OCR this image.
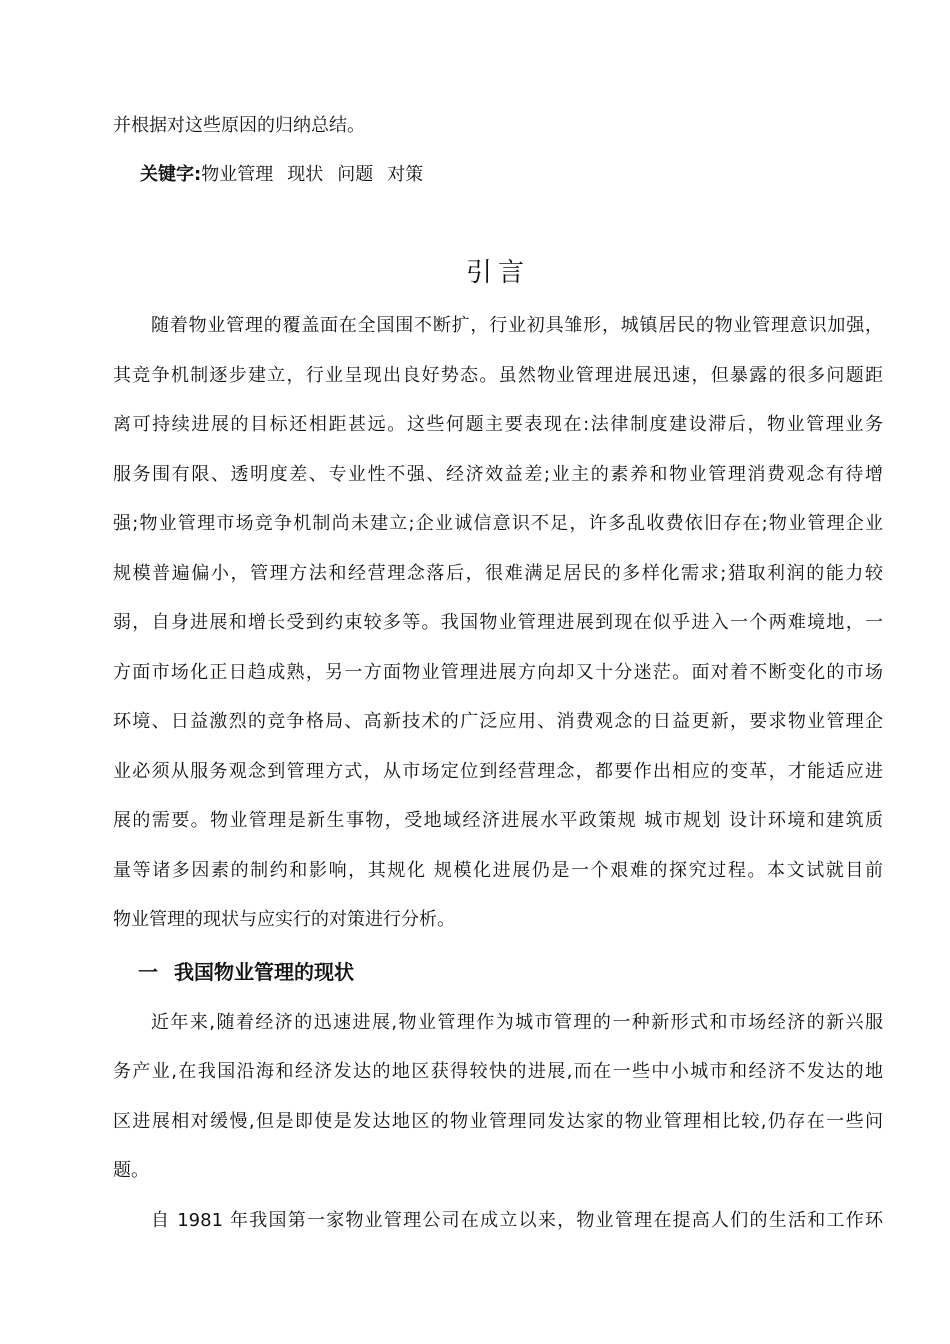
并根据对这些原因的归纳总结。
关键字:物业管理 现状 问题 对策
引言
随着物业管理的覆盖面在全国围不断扩，行业初具雏形，城镇居民的物业管理意识加强，
其竞争机制逐步建立，行业呈现出良好势态。虽然物业管理进展迅速，但暴露的很多问题距
离可持续进展的目标还相距甚远。这些何题主要表现在:法律制度建设滞后，物业管理业务
服务围有限、透明度差、专业性不强、经济效益差;业主的素养和物业管理消费观念有待增
强;物业管理市场竞争机制尚未建立;企业诚信意识不足，许多乱收费依旧存在;物业管理企业
规模普遍偏小，管理方法和经营理念落后，很难满足居民的多样化需求;猎取利润的能力较
弱，自身进展和增长受到约束较多等。我国物业管理进展到现在似乎进入一个两难境地，一
方面市场化正日趋成熟，另一方面物业管理进展方向却又十分迷茫。面对着不断变化的市场
环境、日益激烈的竞争格局、高新技术的广泛应用、消费观念的日益更新，要求物业管理企
业必须从服务观念到管理方式，从市场定位到经营理念，都要作出相应的变革，才能适应进
展的需要。物业管理是新生事物，受地域经济进展水平政策规 城市规划 设计环境和建筑质
量等诸多因素的制约和影响，其规化 规模化进展仍是一个艰难的探究过程。本文试就目前
物业管理的现状与应实行的对策进行分析。
一 我国物业管理的现状
近年来,随着经济的迅速进展,物业管理作为城市管理的一种新形式和市场经济的新兴服
务产业,在我国沿海和经济发达的地区获得较快的进展,而在一些中小城市和经济不发达的地
区进展相对缓慢,但是即使是发达地区的物业管理同发达家的物业管理相比较,仍存在一些问
题。
自 1981 年我国第一家物业管理公司在成立以来，物业管理在提高人们的生活和工作环
